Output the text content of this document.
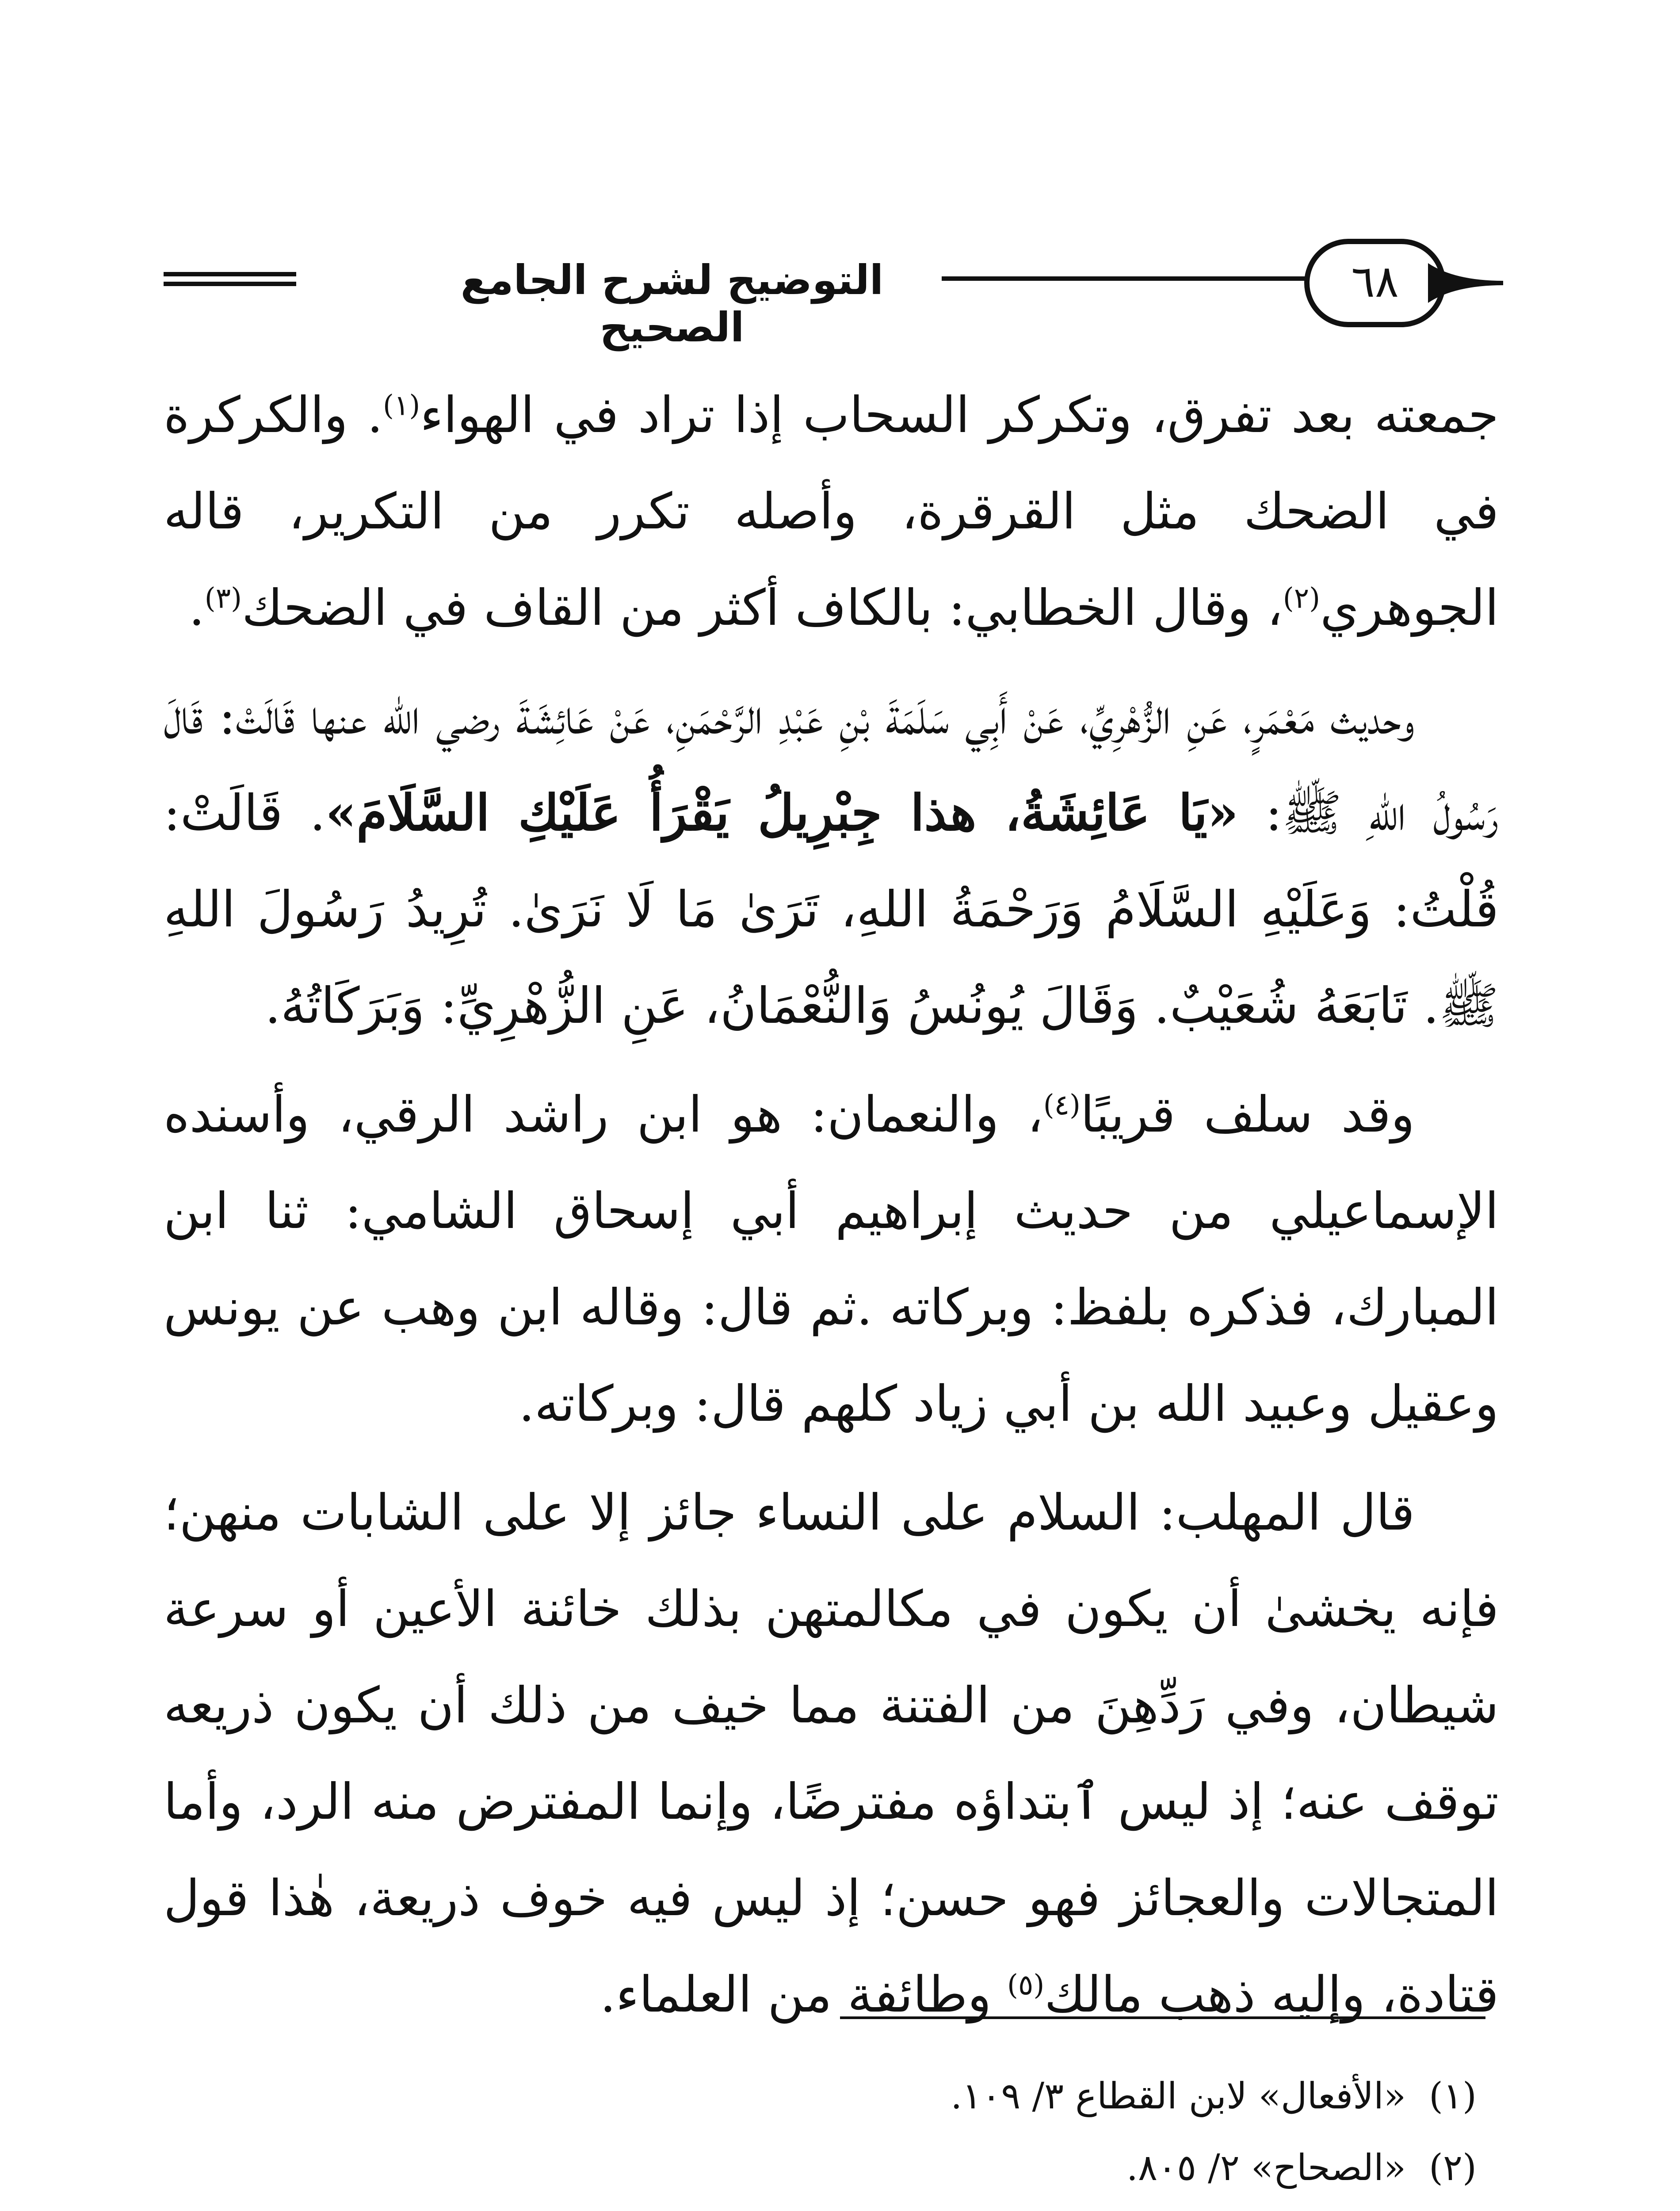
التوضيح لشرح الجامع الصحيح
٦٨

جمعته بعد تفرق، وتكركر السحاب إذا تراد في الهواء$^{(١)}$. والكركرة في الضحك مثل القرقرة، وأصله تكرر من التكرير، قاله الجوهري$^{(٢)}$، وقال الخطابي: بالكاف أكثر من القاف في الضحك$^{(٣)}$.

وحديث مَعْمَرٍ، عَنِ الزُّهْرِيِّ، عَنْ أَبِي سَلَمَةَ بْنِ عَبْدِ الرَّحْمَنِ، عَنْ عَائِشَةَ رضي الله عنها قَالَتْ: قَالَ رَسُولُ اللهِ ﷺ: «يَا عَائِشَةُ، هذا جِبْرِيلُ يَقْرَأُ عَلَيْكِ السَّلَامَ». قَالَتْ: قُلْتُ: وَعَلَيْهِ السَّلَامُ وَرَحْمَةُ اللهِ، تَرَىٰ مَا لَا نَرَىٰ. تُرِيدُ رَسُولَ اللهِ ﷺ. تَابَعَهُ شُعَيْبٌ. وَقَالَ يُونُسُ وَالنُّعْمَانُ، عَنِ الزُّهْرِيِّ: وَبَرَكَاتُهُ.

وقد سلف قريبًا$^{(٤)}$، والنعمان: هو ابن راشد الرقي، وأسنده الإسماعيلي من حديث إبراهيم أبي إسحاق الشامي: ثنا ابن المبارك، فذكره بلفظ: وبركاته .ثم قال: وقاله ابن وهب عن يونس وعقيل وعبيد الله بن أبي زياد كلهم قال: وبركاته.

قال المهلب: السلام على النساء جائز إلا على الشابات منهن؛ فإنه يخشىٰ أن يكون في مكالمتهن بذلك خائنة الأعين أو سرعة شيطان، وفي رَدِّهِنَ من الفتنة مما خيف من ذلك أن يكون ذريعه توقف عنه؛ إذ ليس ٱبتداؤه مفترضًا، وإنما المفترض منه الرد، وأما المتجالات والعجائز فهو حسن؛ إذ ليس فيه خوف ذريعة، هٰذا قول قتادة، وإليه ذهب مالك$^{(٥)}$ وطائفة من العلماء.

(١)
«الأفعال» لابن القطاع ٣/ ١٠٩.
(٢)
«الصحاح» ٢/ ٨٠٥.
